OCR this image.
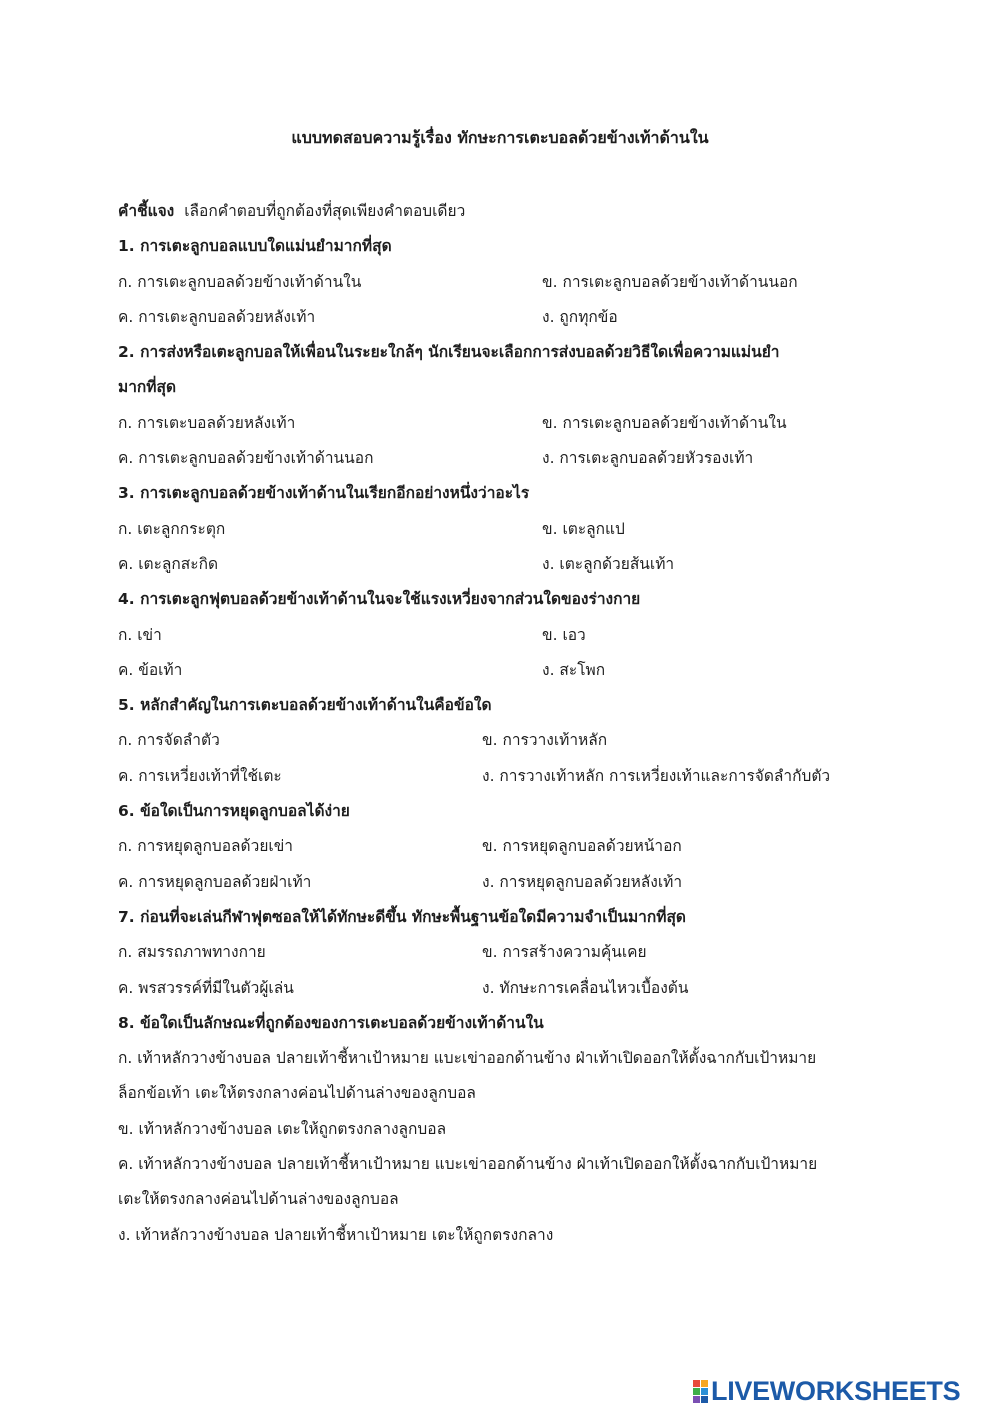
แบบทดสอบความรู้เรื่อง ทักษะการเตะบอลด้วยข้างเท้าด้านใน
คำชี้แจง เลือกคำตอบที่ถูกต้องที่สุดเพียงคำตอบเดียว
1. การเตะลูกบอลแบบใดแม่นยำมากที่สุด
ก. การเตะลูกบอลด้วยข้างเท้าด้านใน	ข. การเตะลูกบอลด้วยข้างเท้าด้านนอก
ค. การเตะลูกบอลด้วยหลังเท้า	ง. ถูกทุกข้อ
2. การส่งหรือเตะลูกบอลให้เพื่อนในระยะใกล้ๆ นักเรียนจะเลือกการส่งบอลด้วยวิธีใดเพื่อความแม่นยำ
มากที่สุด
ก. การเตะบอลด้วยหลังเท้า	ข. การเตะลูกบอลด้วยข้างเท้าด้านใน
ค. การเตะลูกบอลด้วยข้างเท้าด้านนอก	ง. การเตะลูกบอลด้วยหัวรองเท้า
3. การเตะลูกบอลด้วยข้างเท้าด้านในเรียกอีกอย่างหนึ่งว่าอะไร
ก. เตะลูกกระตุก	ข. เตะลูกแป
ค. เตะลูกสะกิด	ง. เตะลูกด้วยส้นเท้า
4. การเตะลูกฟุตบอลด้วยข้างเท้าด้านในจะใช้แรงเหวี่ยงจากส่วนใดของร่างกาย
ก. เข่า	ข. เอว
ค. ข้อเท้า	ง. สะโพก
5. หลักสำคัญในการเตะบอลด้วยข้างเท้าด้านในคือข้อใด
ก. การจัดลำตัว	ข. การวางเท้าหลัก
ค. การเหวี่ยงเท้าที่ใช้เตะ	ง. การวางเท้าหลัก การเหวี่ยงเท้าและการจัดลำกับตัว
6. ข้อใดเป็นการหยุดลูกบอลได้ง่าย
ก. การหยุดลูกบอลด้วยเข่า	ข. การหยุดลูกบอลด้วยหน้าอก
ค. การหยุดลูกบอลด้วยฝ่าเท้า	ง. การหยุดลูกบอลด้วยหลังเท้า
7. ก่อนที่จะเล่นกีฬาฟุตซอลให้ได้ทักษะดีขึ้น ทักษะพื้นฐานข้อใดมีความจำเป็นมากที่สุด
ก. สมรรถภาพทางกาย	ข. การสร้างความคุ้นเคย
ค. พรสวรรค์ที่มีในตัวผู้เล่น	ง. ทักษะการเคลื่อนไหวเบื้องต้น
8. ข้อใดเป็นลักษณะที่ถูกต้องของการเตะบอลด้วยข้างเท้าด้านใน
ก. เท้าหลักวางข้างบอล ปลายเท้าชี้หาเป้าหมาย แบะเข่าออกด้านข้าง ฝ่าเท้าเปิดออกให้ตั้งฉากกับเป้าหมาย
ล็อกข้อเท้า เตะให้ตรงกลางค่อนไปด้านล่างของลูกบอล
ข. เท้าหลักวางข้างบอล เตะให้ถูกตรงกลางลูกบอล
ค. เท้าหลักวางข้างบอล ปลายเท้าชี้หาเป้าหมาย แบะเข่าออกด้านข้าง ฝ่าเท้าเปิดออกให้ตั้งฉากกับเป้าหมาย
เตะให้ตรงกลางค่อนไปด้านล่างของลูกบอล
ง. เท้าหลักวางข้างบอล ปลายเท้าชี้หาเป้าหมาย เตะให้ถูกตรงกลาง
LIVEWORKSHEETS
